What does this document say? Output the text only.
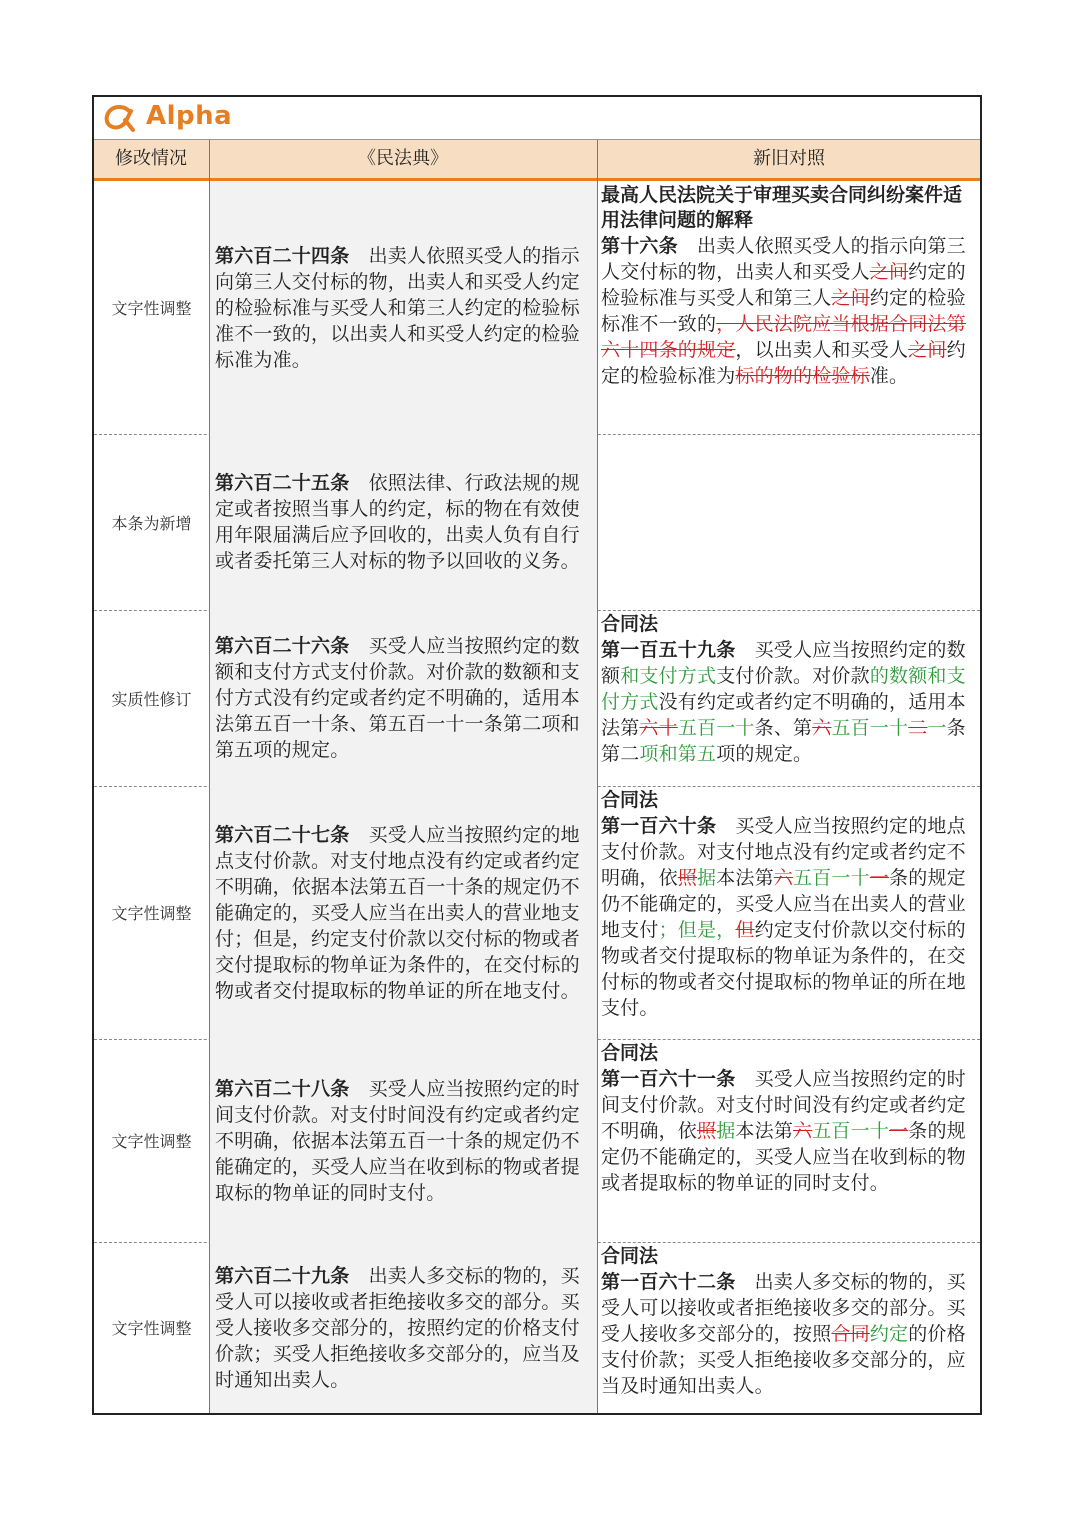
Alpha
修改情况	《民法典》	新旧对照
文字性调整
第六百二十四条　 出卖人依照买受人的指示向第三人交付标的物，出卖人和买受人约定的检验标准与买受人和第三人约定的检验标准不一致的，以出卖人和买受人约定的检验标准为准。
最高人民法院关于审理买卖合同纠纷案件适用法律问题的解释
第十六条　 出卖人依照买受人的指示向第三人交付标的物，出卖人和买受人之间约定的检验标准与买受人和第三人之间约定的检验标准不一致的，人民法院应当根据合同法第六十四条的规定，以出卖人和买受人之间约定的检验标准为标的物的检验标准。
本条为新增
第六百二十五条　 依照法律、行政法规的规定或者按照当事人的约定，标的物在有效使用年限届满后应予回收的，出卖人负有自行或者委托第三人对标的物予以回收的义务。
实质性修订
第六百二十六条　 买受人应当按照约定的数额和支付方式支付价款。对价款的数额和支付方式没有约定或者约定不明确的，适用本法第五百一十条、第五百一十一条第二项和第五项的规定。
合同法
第一百五十九条　 买受人应当按照约定的数额和支付方式支付价款。对价款的数额和支付方式没有约定或者约定不明确的，适用本法第六十五百一十条、第六五百一十二一条第二项和第五项的规定。
文字性调整
第六百二十七条　 买受人应当按照约定的地点支付价款。对支付地点没有约定或者约定不明确，依据本法第五百一十条的规定仍不能确定的，买受人应当在出卖人的营业地支付；但是，约定支付价款以交付标的物或者交付提取标的物单证为条件的，在交付标的物或者交付提取标的物单证的所在地支付。
合同法
第一百六十条　 买受人应当按照约定的地点支付价款。对支付地点没有约定或者约定不明确，依照据本法第六五百一十一条的规定仍不能确定的，买受人应当在出卖人的营业地支付；但是，但约定支付价款以交付标的物或者交付提取标的物单证为条件的，在交付标的物或者交付提取标的物单证的所在地支付。
文字性调整
第六百二十八条　 买受人应当按照约定的时间支付价款。对支付时间没有约定或者约定不明确，依据本法第五百一十条的规定仍不能确定的，买受人应当在收到标的物或者提取标的物单证的同时支付。
合同法
第一百六十一条　 买受人应当按照约定的时间支付价款。对支付时间没有约定或者约定不明确，依照据本法第六五百一十一条的规定仍不能确定的，买受人应当在收到标的物或者提取标的物单证的同时支付。
文字性调整
第六百二十九条　 出卖人多交标的物的，买受人可以接收或者拒绝接收多交的部分。买受人接收多交部分的，按照约定的价格支付价款；买受人拒绝接收多交部分的，应当及时通知出卖人。
合同法
第一百六十二条　 出卖人多交标的物的，买受人可以接收或者拒绝接收多交的部分。买受人接收多交部分的，按照合同约定的价格支付价款；买受人拒绝接收多交部分的，应当及时通知出卖人。
